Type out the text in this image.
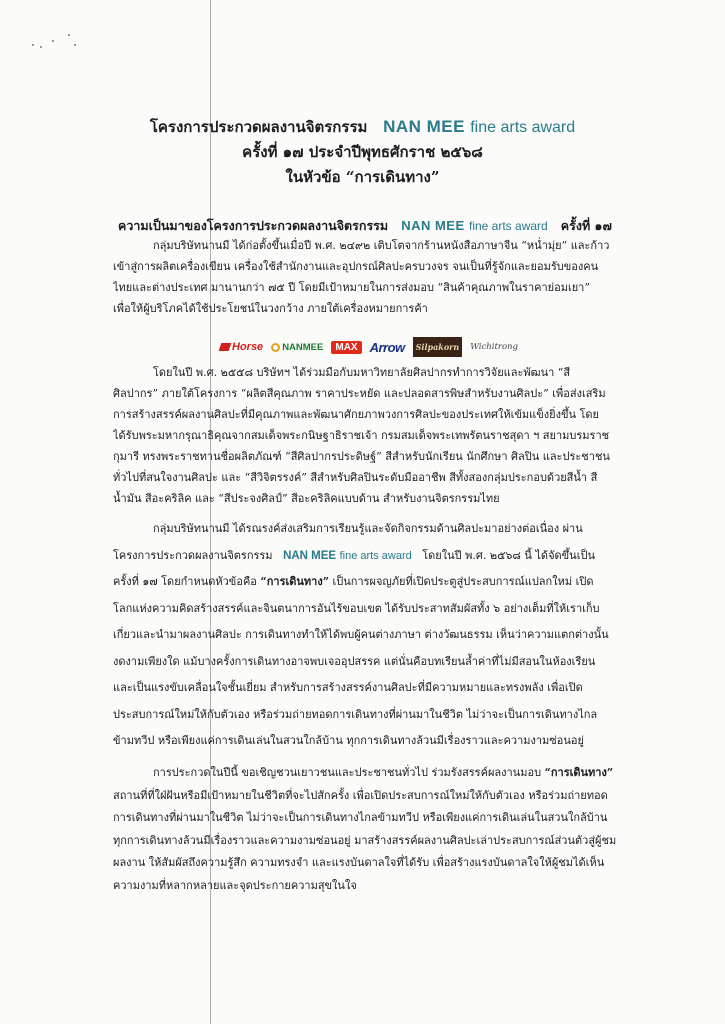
โครงการประกวดผลงานจิตรกรรม NAN MEE fine arts award
ครั้งที่ ๑๗ ประจำปีพุทธศักราช ๒๕๖๘
ในหัวข้อ “การเดินทาง”
ความเป็นมาของโครงการประกวดผลงานจิตรกรรม NAN MEE fine arts award ครั้งที่ ๑๗
กลุ่มบริษัทนานมี ได้ก่อตั้งขึ้นเมื่อปี พ.ศ. ๒๔๙๒ เติบโตจากร้านหนังสือภาษาจีน “หน่ำมุ่ย” และก้าว
เข้าสู่การผลิตเครื่องเขียน เครื่องใช้สำนักงานและอุปกรณ์ศิลปะครบวงจร จนเป็นที่รู้จักและยอมรับของคน
ไทยและต่างประเทศ มานานกว่า ๗๕ ปี โดยมีเป้าหมายในการส่งมอบ “สินค้าคุณภาพในราคาย่อมเยา”
เพื่อให้ผู้บริโภคได้ใช้ประโยชน์ในวงกว้าง ภายใต้เครื่องหมายการค้า
Horse NANMEE	MAX Arrow	Silpakorn	Wichitrong
โดยในปี พ.ศ. ๒๕๕๘ บริษัทฯ ได้ร่วมมือกับมหาวิทยาลัยศิลปากรทำการวิจัยและพัฒนา “สี
ศิลปากร” ภายใต้โครงการ “ผลิตสีคุณภาพ ราคาประหยัด และปลอดสารพิษสำหรับงานศิลปะ” เพื่อส่งเสริม
การสร้างสรรค์ผลงานศิลปะที่มีคุณภาพและพัฒนาศักยภาพวงการศิลปะของประเทศให้เข้มแข็งยิ่งขึ้น โดย
ได้รับพระมหากรุณาธิคุณจากสมเด็จพระกนิษฐาธิราชเจ้า กรมสมเด็จพระเทพรัตนราชสุดา ฯ สยามบรมราช
กุมารี ทรงพระราชทานชื่อผลิตภัณฑ์ “สีศิลปากรประดิษฐ์” สีสำหรับนักเรียน นักศึกษา ศิลปิน และประชาชน
ทั่วไปที่สนใจงานศิลปะ และ “สีวิจิตรรงค์” สีสำหรับศิลปินระดับมืออาชีพ สีทั้งสองกลุ่มประกอบด้วยสีน้ำ สี
น้ำมัน สีอะคริลิค และ “สีประจงศิลป์” สีอะคริลิคแบบด้าน สำหรับงานจิตรกรรมไทย
กลุ่มบริษัทนานมี ได้รณรงค์ส่งเสริมการเรียนรู้และจัดกิจกรรมด้านศิลปะมาอย่างต่อเนื่อง ผ่าน
โครงการประกวดผลงานจิตรกรรม NAN MEE fine arts award โดยในปี พ.ศ. ๒๕๖๘ นี้ ได้จัดขึ้นเป็น
ครั้งที่ ๑๗ โดยกำหนดหัวข้อคือ “การเดินทาง” เป็นการผจญภัยที่เปิดประตูสู่ประสบการณ์แปลกใหม่ เปิด
โลกแห่งความคิดสร้างสรรค์และจินตนาการอันไร้ขอบเขต ได้รับประสาทสัมผัสทั้ง ๖ อย่างเต็มที่ให้เราเก็บ
เกี่ยวและนำมาผลงานศิลปะ การเดินทางทำให้ได้พบผู้คนต่างภาษา ต่างวัฒนธรรม เห็นว่าความแตกต่างนั้น
งดงามเพียงใด แม้บางครั้งการเดินทางอาจพบเจออุปสรรค แต่นั่นคือบทเรียนล้ำค่าที่ไม่มีสอนในห้องเรียน
และเป็นแรงขับเคลื่อนใจชั้นเยี่ยม สำหรับการสร้างสรรค์งานศิลปะที่มีความหมายและทรงพลัง เพื่อเปิด
ประสบการณ์ใหม่ให้กับตัวเอง หรือร่วมถ่ายทอดการเดินทางที่ผ่านมาในชีวิต ไม่ว่าจะเป็นการเดินทางไกล
ข้ามทวีป หรือเพียงแค่การเดินเล่นในสวนใกล้บ้าน ทุกการเดินทางล้วนมีเรื่องราวและความงามซ่อนอยู่
การประกวดในปีนี้ ขอเชิญชวนเยาวชนและประชาชนทั่วไป ร่วมรังสรรค์ผลงานมอบ “การเดินทาง”
สถานที่ที่ใฝ่ฝันหรือมีเป้าหมายในชีวิตที่จะไปสักครั้ง เพื่อเปิดประสบการณ์ใหม่ให้กับตัวเอง หรือร่วมถ่ายทอด
การเดินทางที่ผ่านมาในชีวิต ไม่ว่าจะเป็นการเดินทางไกลข้ามทวีป หรือเพียงแค่การเดินเล่นในสวนใกล้บ้าน
ทุกการเดินทางล้วนมีเรื่องราวและความงามซ่อนอยู่ มาสร้างสรรค์ผลงานศิลปะเล่าประสบการณ์ส่วนตัวสู่ผู้ชม
ผลงาน ให้สัมผัสถึงความรู้สึก ความทรงจำ และแรงบันดาลใจที่ได้รับ เพื่อสร้างแรงบันดาลใจให้ผู้ชมได้เห็น
ความงามที่หลากหลายและจุดประกายความสุขในใจ
